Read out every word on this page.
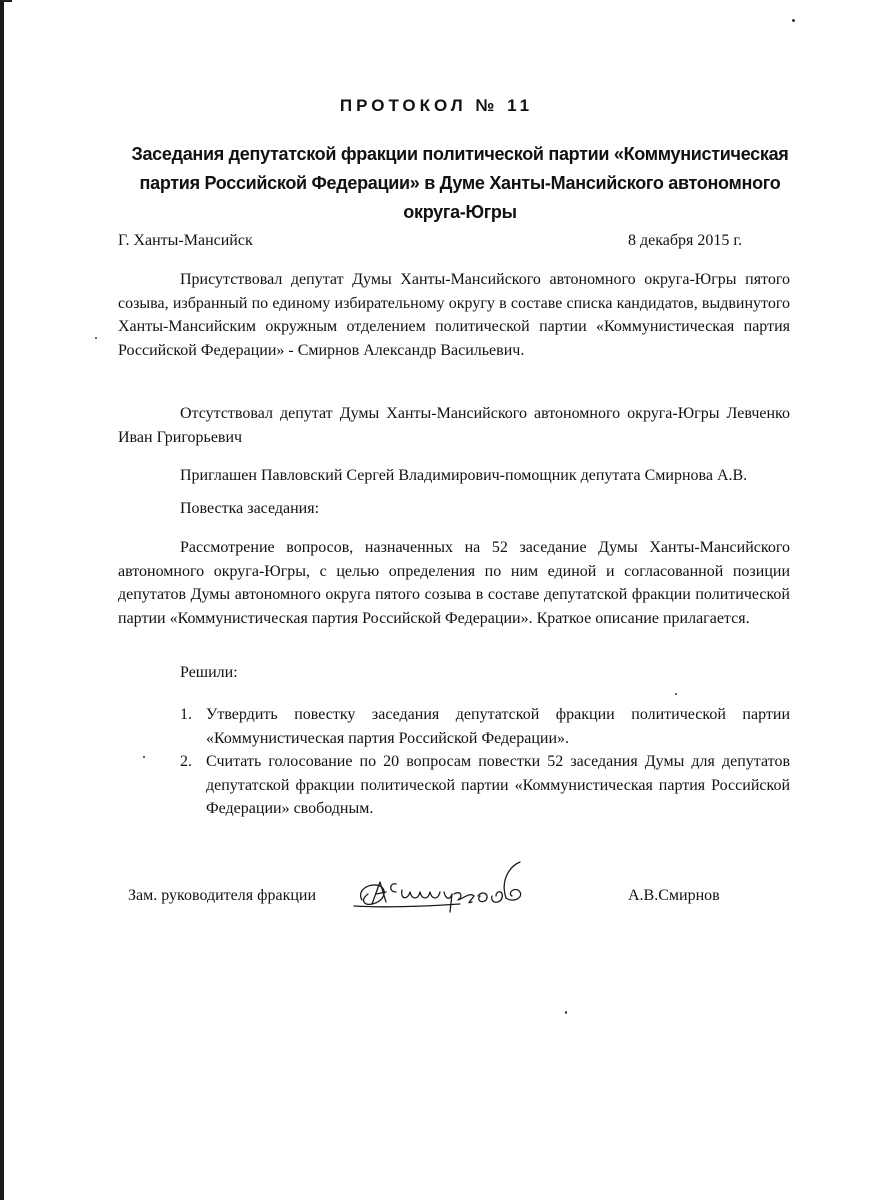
ПРОТОКОЛ № 11
Заседания депутатской фракции политической партии «Коммунистическая партия Российской Федерации» в Думе Ханты-Мансийского автономного округа-Югры
Г. Ханты-Мансийск	8 декабря 2015 г.

Присутствовал депутат Думы Ханты-Мансийского автономного округа-Югры пятого созыва, избранный по единому избирательному округу в составе списка кандидатов, выдвинутого Ханты-Мансийским окружным отделением политической партии «Коммунистическая партия Российской Федерации» - Смирнов Александр Васильевич.

Отсутствовал депутат Думы Ханты-Мансийского автономного округа-Югры Левченко Иван Григорьевич

Приглашен Павловский Сергей Владимирович-помощник депутата Смирнова А.В.

Повестка заседания:

Рассмотрение вопросов, назначенных на 52 заседание Думы Ханты-Мансийского автономного округа-Югры, с целью определения по ним единой и согласованной позиции депутатов Думы автономного округа пятого созыва в составе депутатской фракции политической партии «Коммунистическая партия Российской Федерации». Краткое описание прилагается.

Решили:

1. Утвердить повестку заседания депутатской фракции политической партии «Коммунистическая партия Российской Федерации».
2. Считать голосование по 20 вопросам повестки 52 заседания Думы для депутатов депутатской фракции политической партии «Коммунистическая партия Российской Федерации» свободным.
Зам. руководителя фракции	А.В.Смирнов
